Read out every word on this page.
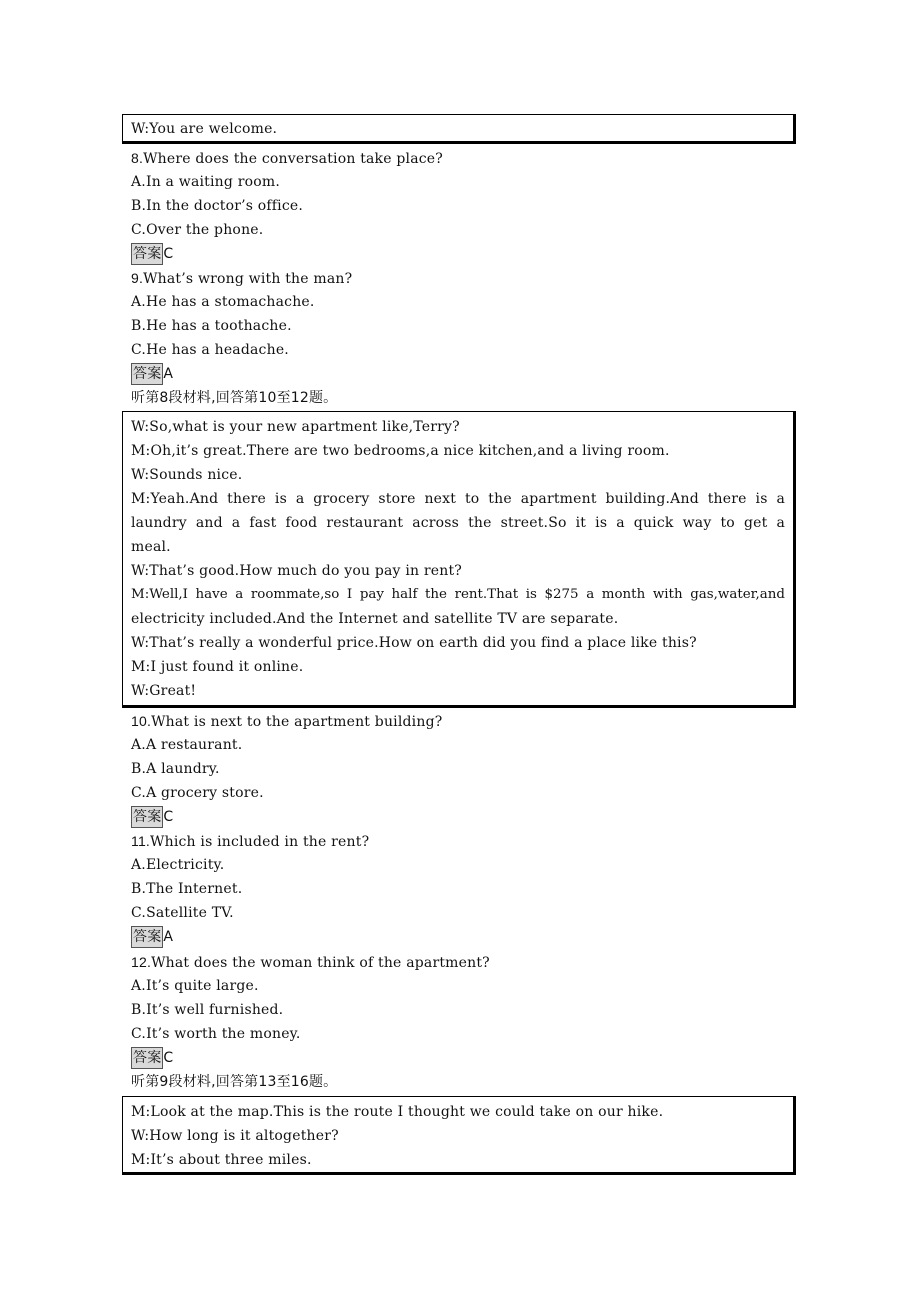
W:You are welcome.
8.Where does the conversation take place?
A.In a waiting room.
B.In the doctor’s office.
C.Over the phone.
答案 C
9.What’s wrong with the man?
A.He has a stomachache.
B.He has a toothache.
C.He has a headache.
答案 A
听第8段材料,回答第10至12题。
W:So,what is your new apartment like,Terry?
M:Oh,it’s great.There are two bedrooms,a nice kitchen,and a living room.
W:Sounds nice.
M:Yeah.And there is a grocery store next to the apartment building.And there is a
laundry and a fast food restaurant across the street.So it is a quick way to get a
meal.
W:That’s good.How much do you pay in rent?
M:Well,I have a roommate,so I pay half the rent.That is $275 a month with gas,water,and
electricity included.And the Internet and satellite TV are separate.
W:That’s really a wonderful price.How on earth did you find a place like this?
M:I just found it online.
W:Great!
10.What is next to the apartment building?
A.A restaurant.
B.A laundry.
C.A grocery store.
答案 C
11.Which is included in the rent?
A.Electricity.
B.The Internet.
C.Satellite TV.
答案 A
12.What does the woman think of the apartment?
A.It’s quite large.
B.It’s well furnished.
C.It’s worth the money.
答案 C
听第9段材料,回答第13至16题。
M:Look at the map.This is the route I thought we could take on our hike.
W:How long is it altogether?
M:It’s about three miles.
